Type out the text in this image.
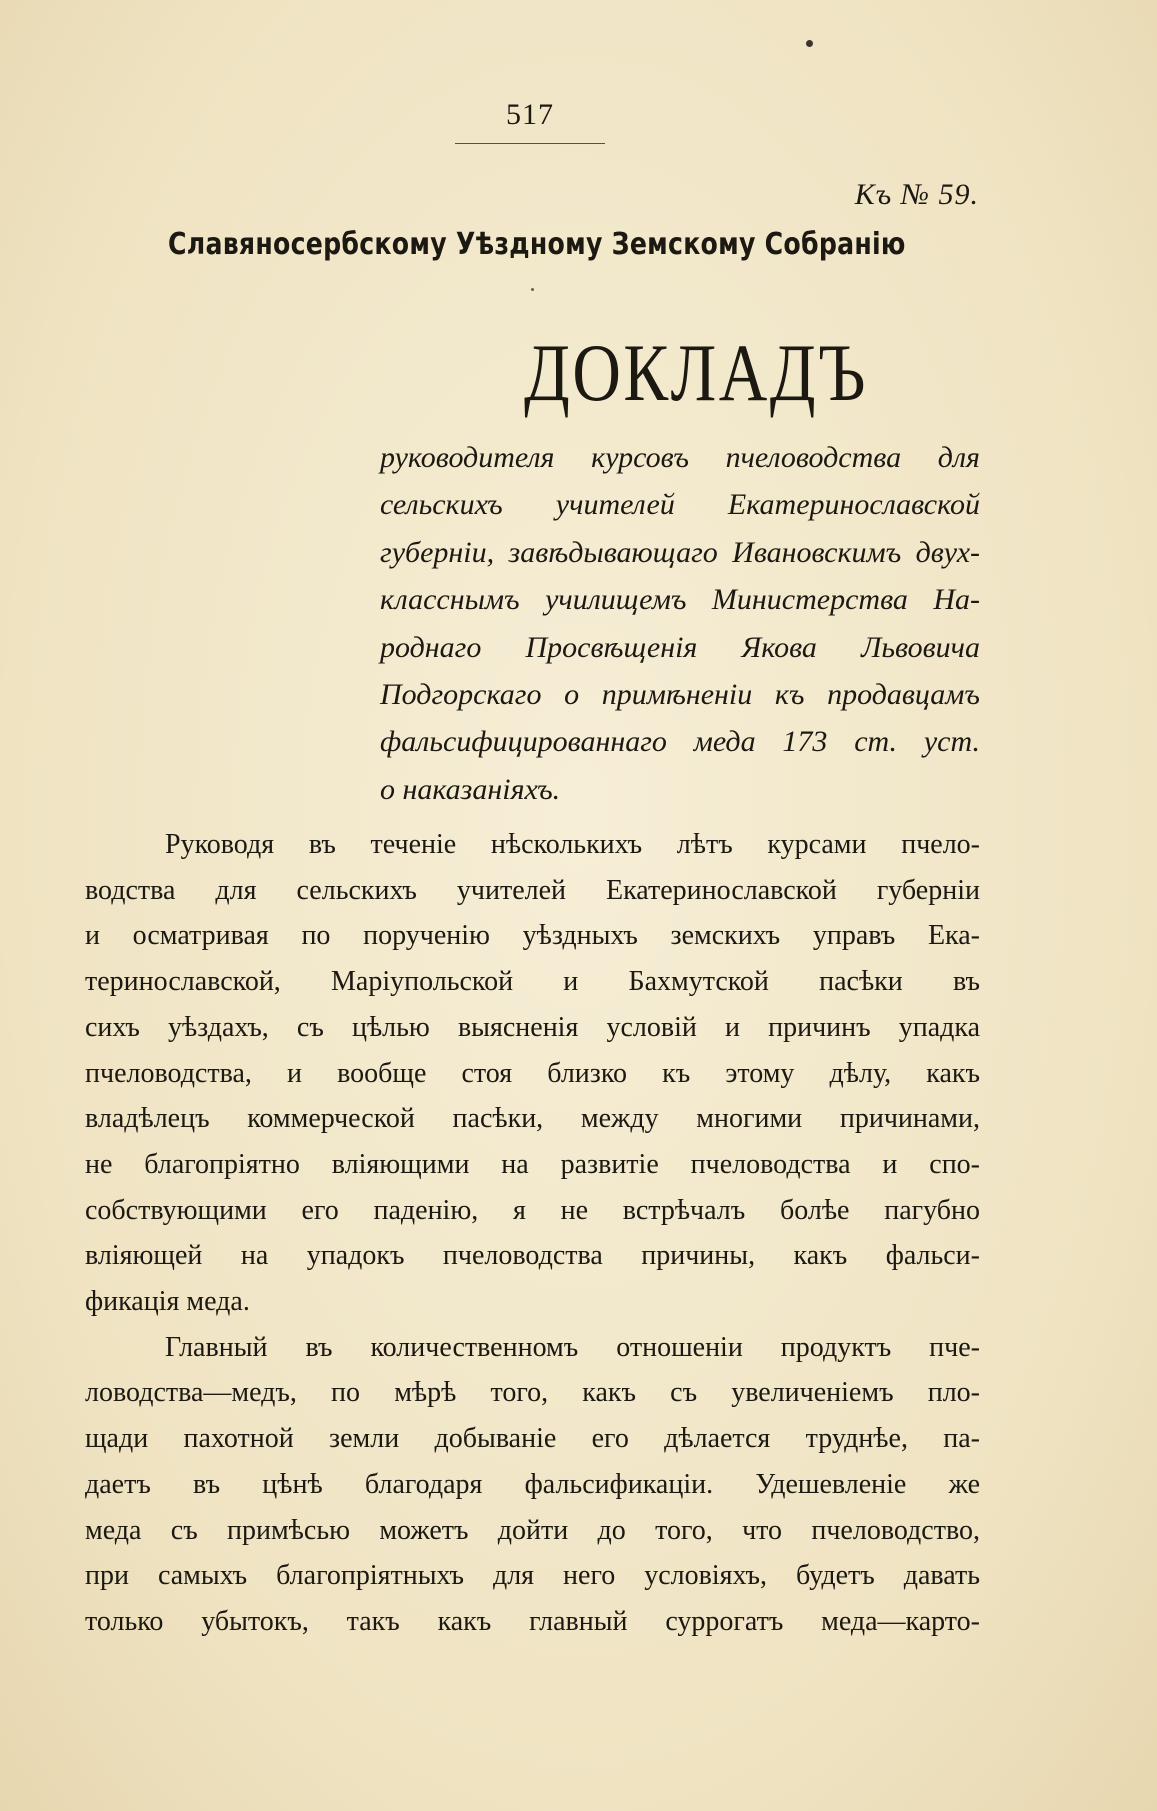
517
Къ № 59.
Славяносербскому Уѣздному Земскому Собранію
ДОКЛАДЪ
руководителя курсовъ пчеловодства для
сельскихъ учителей Екатеринославской
губерніи, завѣдывающаго Ивановскимъ двух-
класснымъ училищемъ Министерства На-
роднаго Просвѣщенія Якова Львовича
Подгорскаго о примѣненіи къ продавцамъ
фальсифицированнаго меда 173 ст. уст.
о наказаніяхъ.
Руководя въ теченіе нѣсколькихъ лѣтъ курсами пчело-
водства для сельскихъ учителей Екатеринославской губерніи
и осматривая по порученію уѣздныхъ земскихъ управъ Ека-
теринославской, Маріупольской и Бахмутской пасѣки въ
сихъ уѣздахъ, съ цѣлью выясненія условій и причинъ упадка
пчеловодства, и вообще стоя близко къ этому дѣлу, какъ
владѣлецъ коммерческой пасѣки, между многими причинами,
не благопріятно вліяющими на развитіе пчеловодства и спо-
собствующими его паденію, я не встрѣчалъ болѣе пагубно
вліяющей на упадокъ пчеловодства причины, какъ фальси-
фикація меда.
Главный въ количественномъ отношеніи продуктъ пче-
ловодства—медъ, по мѣрѣ того, какъ съ увеличеніемъ пло-
щади пахотной земли добываніе его дѣлается труднѣе, па-
даетъ въ цѣнѣ благодаря фальсификаціи. Удешевленіе же
меда съ примѣсью можетъ дойти до того, что пчеловодство,
при самыхъ благопріятныхъ для него условіяхъ, будетъ давать
только убытокъ, такъ какъ главный суррогатъ меда—карто-
